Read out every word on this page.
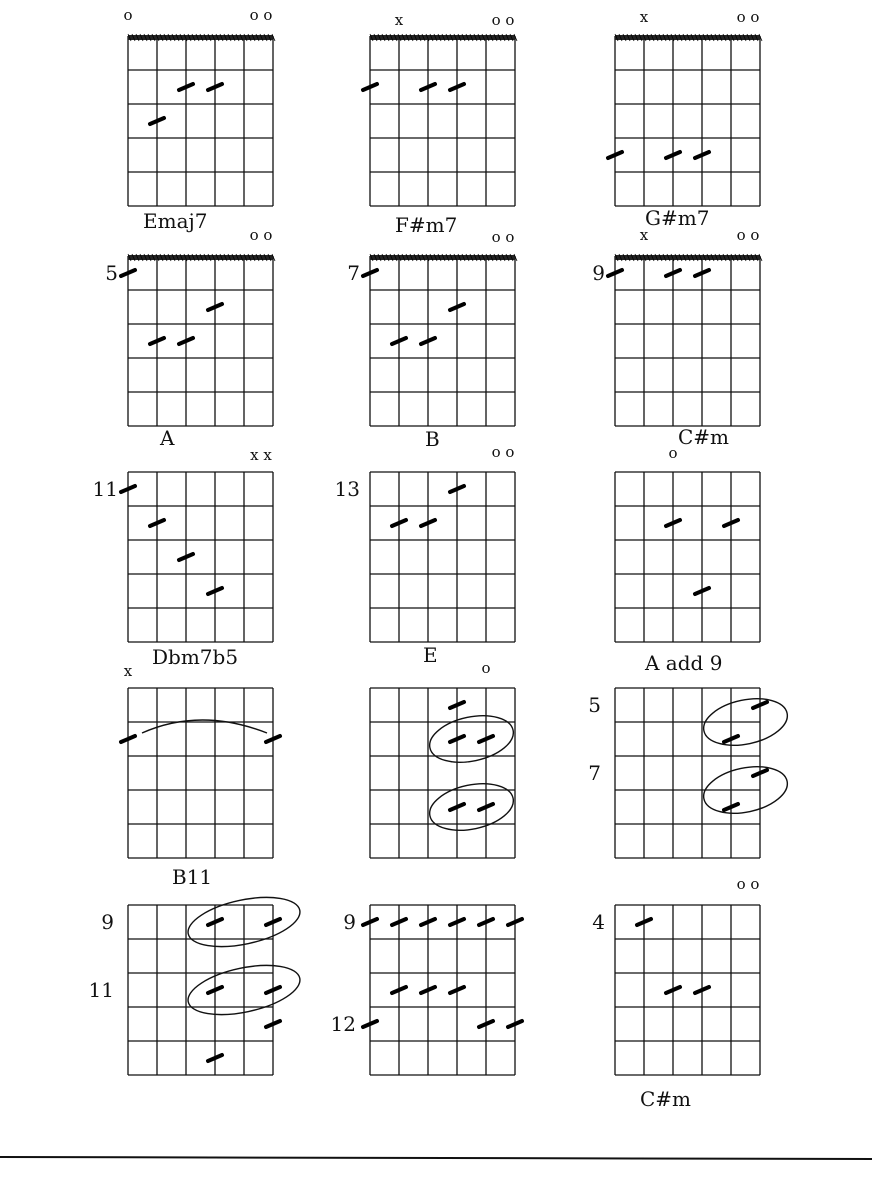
o	o o
Emaj7
x	o o
F#m7
x	o o
G#m7
o o
5
A
o o
7
B
x	o o
9
C#m
x x
11
Dbm7b5
o o
13
E
o
A add 9
x
B11
o
5
7
9
11
9
12
o o
4
C#m
